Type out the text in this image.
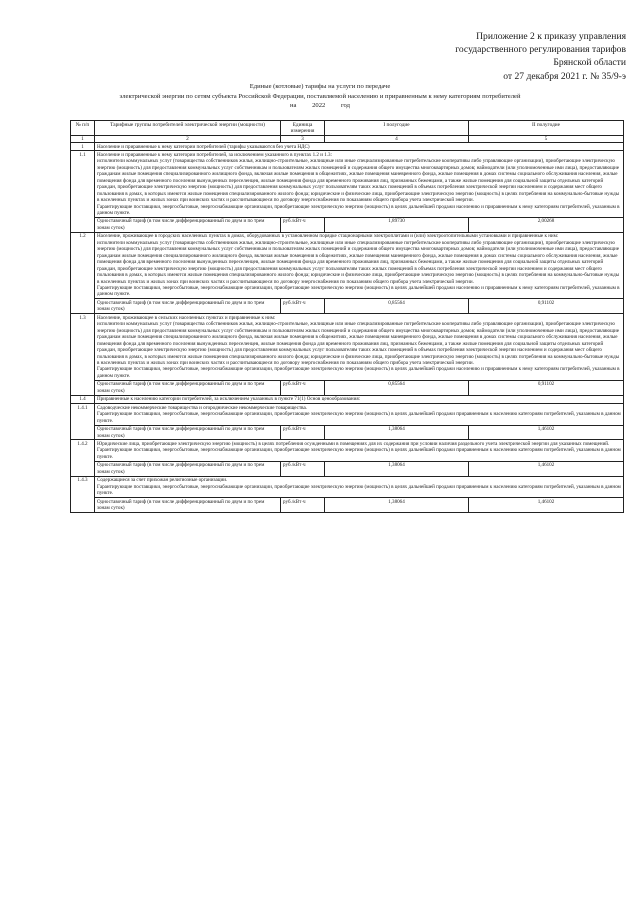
Приложение 2 к приказу управления
государственного регулирования тарифов
Брянской области
от 27 декабря 2021 г. № 35/9-э
Единые (котловые) тарифы на услуги по передаче
электрической энергии по сетям субъекта Российской Федерации, поставляемой населению и приравненным к нему категориям потребителей
на 2022 год
№ п/п	Тарифные группы потребителей электрической энергии (мощности)	Единица измерения	I полугодие	II полугодие
1	2	3	4	5
1	Население и приравненные к нему категории потребителей (тарифы указываются без учета НДС)			
1.1	Население и приравненные к нему категории потребителей, за исключением указанного в пунктах 1.2 и 1.3:
исполнители коммунальных услуг (товарищества собственников жилья, жилищно-строительные, жилищные или иные специализированные потребительские кооперативы либо управляющие организации), приобретающие электрическую энергию (мощность) для предоставления коммунальных услуг собственникам и пользователям жилых помещений и содержания общего имущества многоквартирных домов; наймодатели (или уполномоченные ими лица), предоставляющие гражданам жилые помещения специализированного жилищного фонда, включая жилые помещения в общежитиях, жилые помещения маневренного фонда, жилые помещения в домах системы социального обслуживания населения, жилые помещения фонда для временного поселения вынужденных переселенцев, жилые помещения фонда для временного проживания лиц, признанных беженцами, а также жилые помещения для социальной защиты отдельных категорий граждан, приобретающие электрическую энергию (мощность) для предоставления коммунальных услуг пользователям таких жилых помещений в объемах потребления электрической энергии населением и содержания мест общего пользования в домах, в которых имеются жилые помещения специализированного жилого фонда; юридические и физические лица, приобретающие электрическую энергию (мощность) в целях потребления на коммунально-бытовые нужды в населенных пунктах и жилых зонах при воинских частях и рассчитывающиеся по договору энергоснабжения по показаниям общего прибора учета электрической энергии.
Гарантирующие поставщики, энергосбытовые, энергоснабжающие организации, приобретающие электрическую энергию (мощность) в целях дальнейшей продажи населению и приравненным к нему категориям потребителей, указанным в данном пункте.			

	Одноставочный тариф (в том числе дифференцированный по двум и по трем зонам суток)	руб./кВт·ч	1,89730	2,00268
1.2	Население, проживающее в городских населенных пунктах в домах, оборудованных в установленном порядке стационарными электроплитами и (или) электроотопительными установками и приравненные к ним:
исполнители коммунальных услуг (товарищества собственников жилья, жилищно-строительные, жилищные или иные специализированные потребительские кооперативы либо управляющие организации), приобретающие электрическую энергию (мощность) для предоставления коммунальных услуг собственникам и пользователям жилых помещений и содержания общего имущества многоквартирных домов; наймодатели (или уполномоченные ими лица), предоставляющие гражданам жилые помещения специализированного жилищного фонда, включая жилые помещения в общежитиях, жилые помещения маневренного фонда, жилые помещения в домах системы социального обслуживания населения, жилые помещения фонда для временного поселения вынужденных переселенцев, жилые помещения фонда для временного проживания лиц, признанных беженцами, а также жилые помещения для социальной защиты отдельных категорий граждан, приобретающие электрическую энергию (мощность) для предоставления коммунальных услуг пользователям таких жилых помещений в объемах потребления электрической энергии населением и содержания мест общего пользования в домах, в которых имеются жилые помещения специализированного жилого фонда; юридические и физические лица, приобретающие электрическую энергию (мощность) в целях потребления на коммунально-бытовые нужды в населенных пунктах и жилых зонах при воинских частях и рассчитывающиеся по договору энергоснабжения по показаниям общего прибора учета электрической энергии.
Гарантирующие поставщики, энергосбытовые, энергоснабжающие организации, приобретающие электрическую энергию (мощность) в целях дальнейшей продажи населению и приравненным к нему категориям потребителей, указанным в данном пункте.			

	Одноставочный тариф (в том числе дифференцированный по двум и по трем зонам суток)	руб./кВт·ч	0,85564	0,91102
1.3	Население, проживающее в сельских населенных пунктах и приравненные к ним:
исполнители коммунальных услуг (товарищества собственников жилья, жилищно-строительные, жилищные или иные специализированные потребительские кооперативы либо управляющие организации), приобретающие электрическую энергию (мощность) для предоставления коммунальных услуг собственникам и пользователям жилых помещений и содержания общего имущества многоквартирных домов; наймодатели (или уполномоченные ими лица), предоставляющие гражданам жилые помещения специализированного жилищного фонда, включая жилые помещения в общежитиях, жилые помещения маневренного фонда, жилые помещения в домах системы социального обслуживания населения, жилые помещения фонда для временного поселения вынужденных переселенцев, жилые помещения фонда для временного проживания лиц, признанных беженцами, а также жилые помещения для социальной защиты отдельных категорий граждан, приобретающие электрическую энергию (мощность) для предоставления коммунальных услуг пользователям таких жилых помещений в объемах потребления электрической энергии населением и содержания мест общего пользования в домах, в которых имеются жилые помещения специализированного жилого фонда; юридические и физические лица, приобретающие электрическую энергию (мощность) в целях потребления на коммунально-бытовые нужды в населенных пунктах и жилых зонах при воинских частях и рассчитывающиеся по договору энергоснабжения по показаниям общего прибора учета электрической энергии.
Гарантирующие поставщики, энергосбытовые, энергоснабжающие организации, приобретающие электрическую энергию (мощность) в целях дальнейшей продажи населению и приравненным к нему категориям потребителей, указанным в данном пункте.			

	Одноставочный тариф (в том числе дифференцированный по двум и по трем зонам суток)	руб./кВт·ч	0,85564	0,91102
1.4	Приравненные к населению категории потребителей, за исключением указанных в пункте 71(1) Основ ценообразования:			
1.4.1	Садоводческие некоммерческие товарищества и огороднические некоммерческие товарищества.
Гарантирующие поставщики, энергосбытовые, энергоснабжающие организации, приобретающие электрическую энергию (мощность) в целях дальнейшей продажи приравненным к населению категориям потребителей, указанным в данном пункте.			

	Одноставочный тариф (в том числе дифференцированный по двум и по трем зонам суток)	руб./кВт·ч	1,38064	1,46102
1.4.2	Юридические лица, приобретающие электрическую энергию (мощность) в целях потребления осужденными в помещениях для их содержания при условии наличия раздельного учета электрической энергии для указанных помещений.
Гарантирующие поставщики, энергосбытовые, энергоснабжающие организации, приобретающие электрическую энергию (мощность) в целях дальнейшей продажи приравненным к населению категориям потребителей, указанным в данном пункте.			

	Одноставочный тариф (в том числе дифференцированный по двум и по трем зонам суток)	руб./кВт·ч	1,38064	1,46102
1.4.3	Содержащиеся за счет прихожан религиозные организации.
Гарантирующие поставщики, энергосбытовые, энергоснабжающие организации, приобретающие электрическую энергию (мощность) в целях дальнейшей продажи приравненным к населению категориям потребителей, указанным в данном пункте.			

	Одноставочный тариф (в том числе дифференцированный по двум и по трем зонам суток)	руб./кВт·ч	1,38064	1,46102
